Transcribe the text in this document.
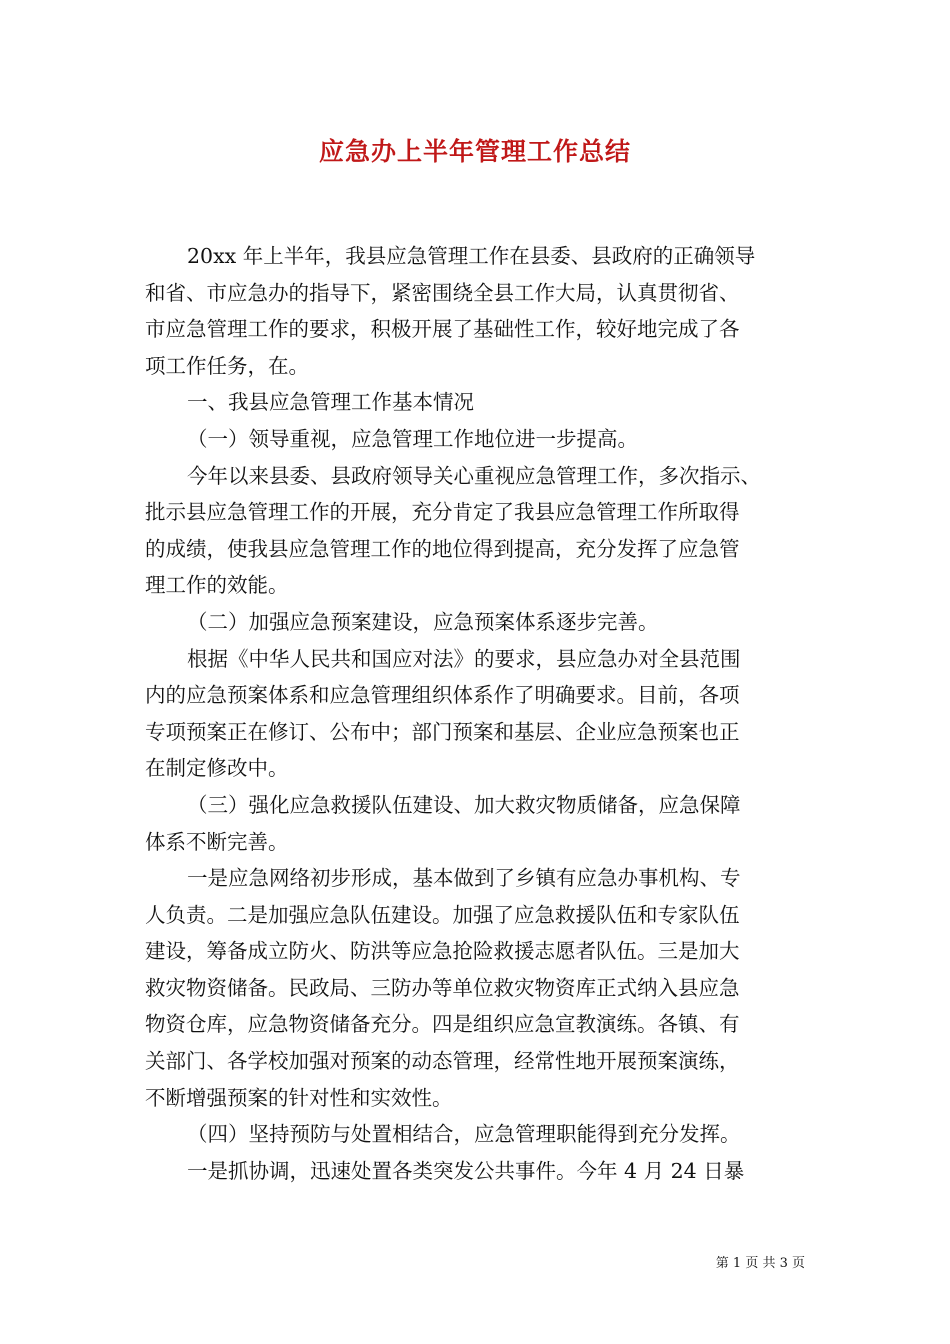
应急办上半年管理工作总结
20xx 年上半年，我县应急管理工作在县委、县政府的正确领导
和省、市应急办的指导下，紧密围绕全县工作大局，认真贯彻省、
市应急管理工作的要求，积极开展了基础性工作，较好地完成了各
项工作任务，在。
一、我县应急管理工作基本情况
（一）领导重视，应急管理工作地位进一步提高。
今年以来县委、县政府领导关心重视应急管理工作，多次指示、
批示县应急管理工作的开展，充分肯定了我县应急管理工作所取得
的成绩，使我县应急管理工作的地位得到提高，充分发挥了应急管
理工作的效能。
（二）加强应急预案建设，应急预案体系逐步完善。
根据《中华人民共和国应对法》的要求，县应急办对全县范围
内的应急预案体系和应急管理组织体系作了明确要求。目前，各项
专项预案正在修订、公布中；部门预案和基层、企业应急预案也正
在制定修改中。
（三）强化应急救援队伍建设、加大救灾物质储备，应急保障
体系不断完善。
一是应急网络初步形成，基本做到了乡镇有应急办事机构、专
人负责。二是加强应急队伍建设。加强了应急救援队伍和专家队伍
建设，筹备成立防火、防洪等应急抢险救援志愿者队伍。三是加大
救灾物资储备。民政局、三防办等单位救灾物资库正式纳入县应急
物资仓库，应急物资储备充分。四是组织应急宣教演练。各镇、有
关部门、各学校加强对预案的动态管理，经常性地开展预案演练，
不断增强预案的针对性和实效性。
（四）坚持预防与处置相结合，应急管理职能得到充分发挥。
一是抓协调，迅速处置各类突发公共事件。今年 4 月 24 日暴
第 1 页 共 3 页
